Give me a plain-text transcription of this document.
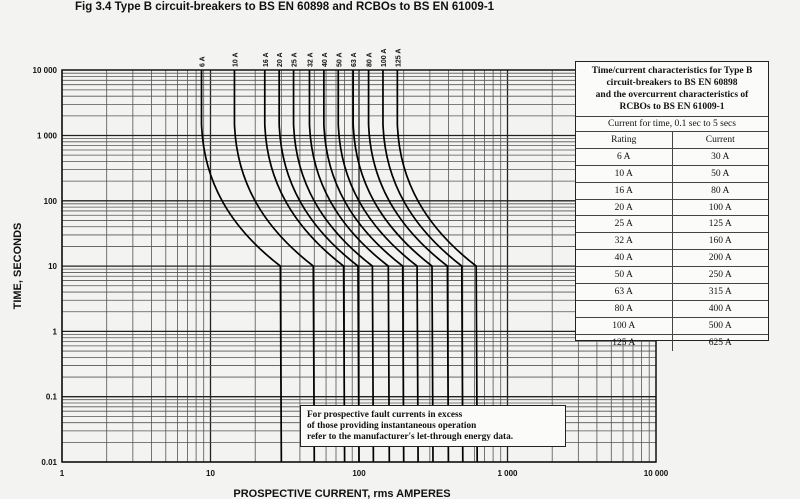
Fig 3.4 Type B circuit-breakers to BS EN 60898 and RCBOs to BS EN 61009-1
1	10	100	1 000	10 000
0.01
0.1
1
10
100
1 000
10 000
6 A	10 A	16 A 20 A 25 A 32 A 40 A 50 A 63 A 80 A 100 A 125 A
PROSPECTIVE CURRENT, rms AMPERES
TIME, SECONDS
Time/current characteristics for Type B
circuit-breakers to BS EN 60898
and the overcurrent characteristics of
RCBOs to BS EN 61009-1
Current for time, 0.1 sec to 5 secs
Rating	Current
6 A	30 A
10 A	50 A
16 A	80 A
20 A	100 A
25 A	125 A
32 A	160 A
40 A	200 A
50 A	250 A
63 A	315 A
80 A	400 A
100 A	500 A
125 A	625 A
For prospective fault currents in excess
of those providing instantaneous operation
refer to the manufacturer's let-through energy data.
